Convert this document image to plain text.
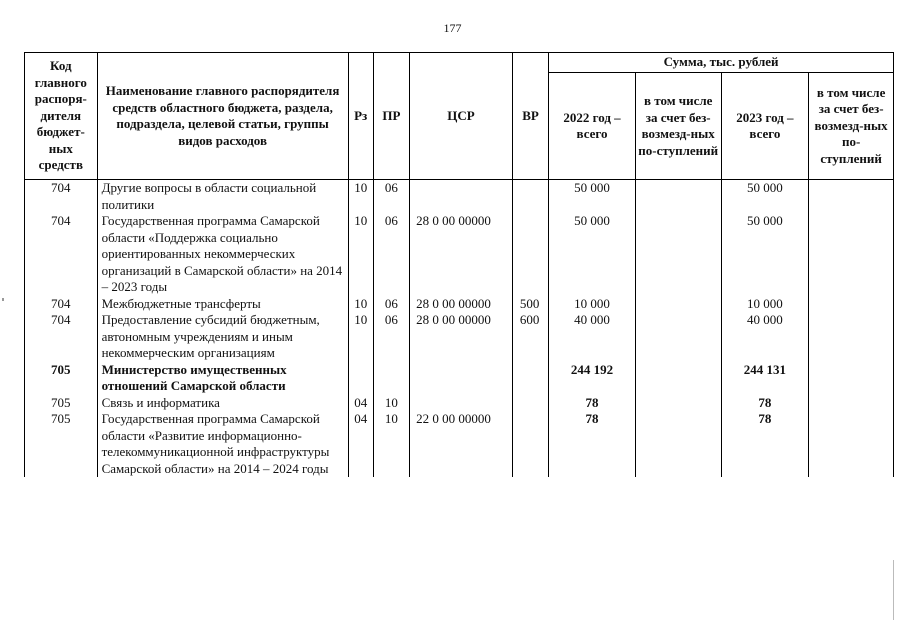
177
Код главного распоря-дителя бюджет-ных средств	Наименование главного распорядителя средств областного бюджета, раздела, подраздела, целевой статьи, группы видов расходов	Рз	ПР	ЦСР	ВР	Сумма, тыс. рублей			
						2022 год – всего	в том числе за счет без-возмезд-ных по-ступлений	2023 год – всего	в том числе за счет без-возмезд-ных по-ступлений
704	Другие вопросы в области социальной политики	10	06			50 000		50 000	
704	Государственная программа Самарской области «Поддержка социально ориентированных некоммерческих организаций в Самарской области» на 2014 – 2023 годы	10	06	28 0 00 00000		50 000		50 000	
704	Межбюджетные трансферты	10	06	28 0 00 00000	500	10 000		10 000	
704	Предоставление субсидий бюджетным, автономным учреждениям и иным некоммерческим организациям	10	06	28 0 00 00000	600	40 000		40 000	
705	Министерство имущественных отношений Самарской области					244 192		244 131	
705	Связь и информатика	04	10			78		78	
705	Государственная программа Самарской области «Развитие информационно-телекоммуникационной инфраструктуры Самарской области» на 2014 – 2024 годы	04	10	22 0 00 00000		78		78	
